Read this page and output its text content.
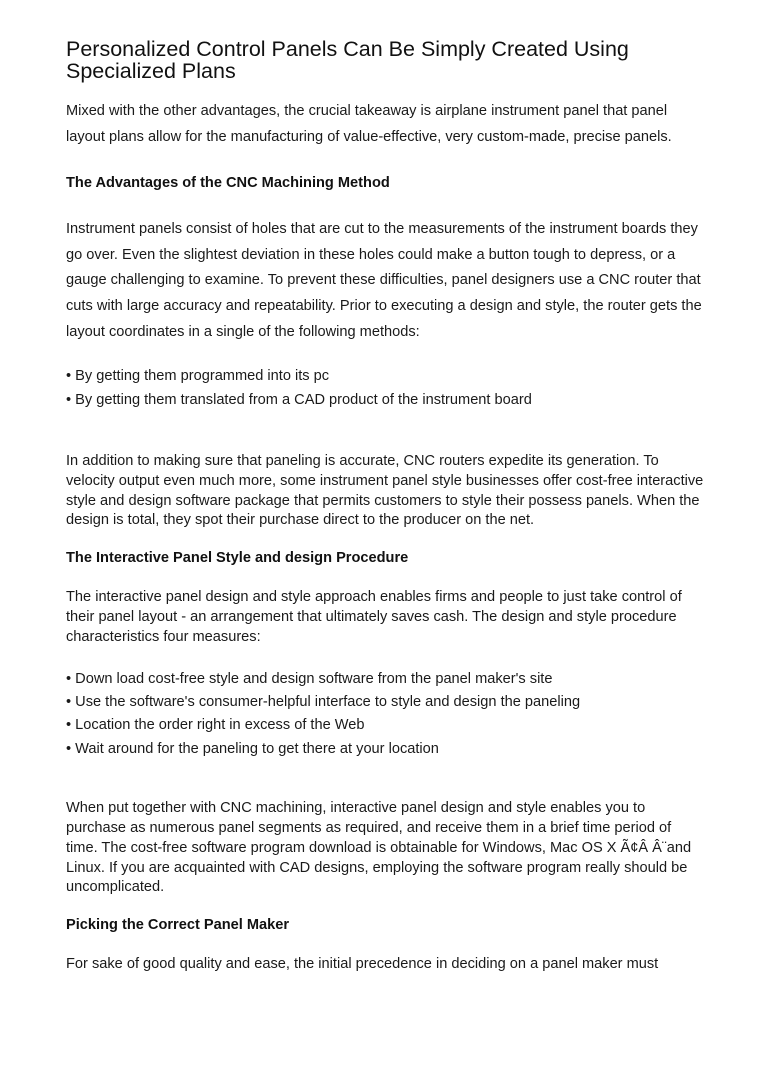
Personalized Control Panels Can Be Simply Created Using Specialized Plans

Mixed with the other advantages, the crucial takeaway is airplane instrument panel that panel layout plans allow for the manufacturing of value-effective, very custom-made, precise panels.

The Advantages of the CNC Machining Method

Instrument panels consist of holes that are cut to the measurements of the instrument boards they go over. Even the slightest deviation in these holes could make a button tough to depress, or a gauge challenging to examine. To prevent these difficulties, panel designers use a CNC router that cuts with large accuracy and repeatability. Prior to executing a design and style, the router gets the layout coordinates in a single of the following methods:

• By getting them programmed into its pc
• By getting them translated from a CAD product of the instrument board

In addition to making sure that paneling is accurate, CNC routers expedite its generation. To velocity output even much more, some instrument panel style businesses offer cost-free interactive style and design software package that permits customers to style their possess panels. When the design is total, they spot their purchase direct to the producer on the net.

The Interactive Panel Style and design Procedure

The interactive panel design and style approach enables firms and people to just take control of their panel layout - an arrangement that ultimately saves cash. The design and style procedure characteristics four measures:

• Down load cost-free style and design software from the panel maker's site
• Use the software's consumer-helpful interface to style and design the paneling
• Location the order right in excess of the Web
• Wait around for the paneling to get there at your location

When put together with CNC machining, interactive panel design and style enables you to purchase as numerous panel segments as required, and receive them in a brief time period of time. The cost-free software program download is obtainable for Windows, Mac OS X Ã¢Â Â¨and Linux. If you are acquainted with CAD designs, employing the software program really should be uncomplicated.

Picking the Correct Panel Maker

For sake of good quality and ease, the initial precedence in deciding on a panel maker must
